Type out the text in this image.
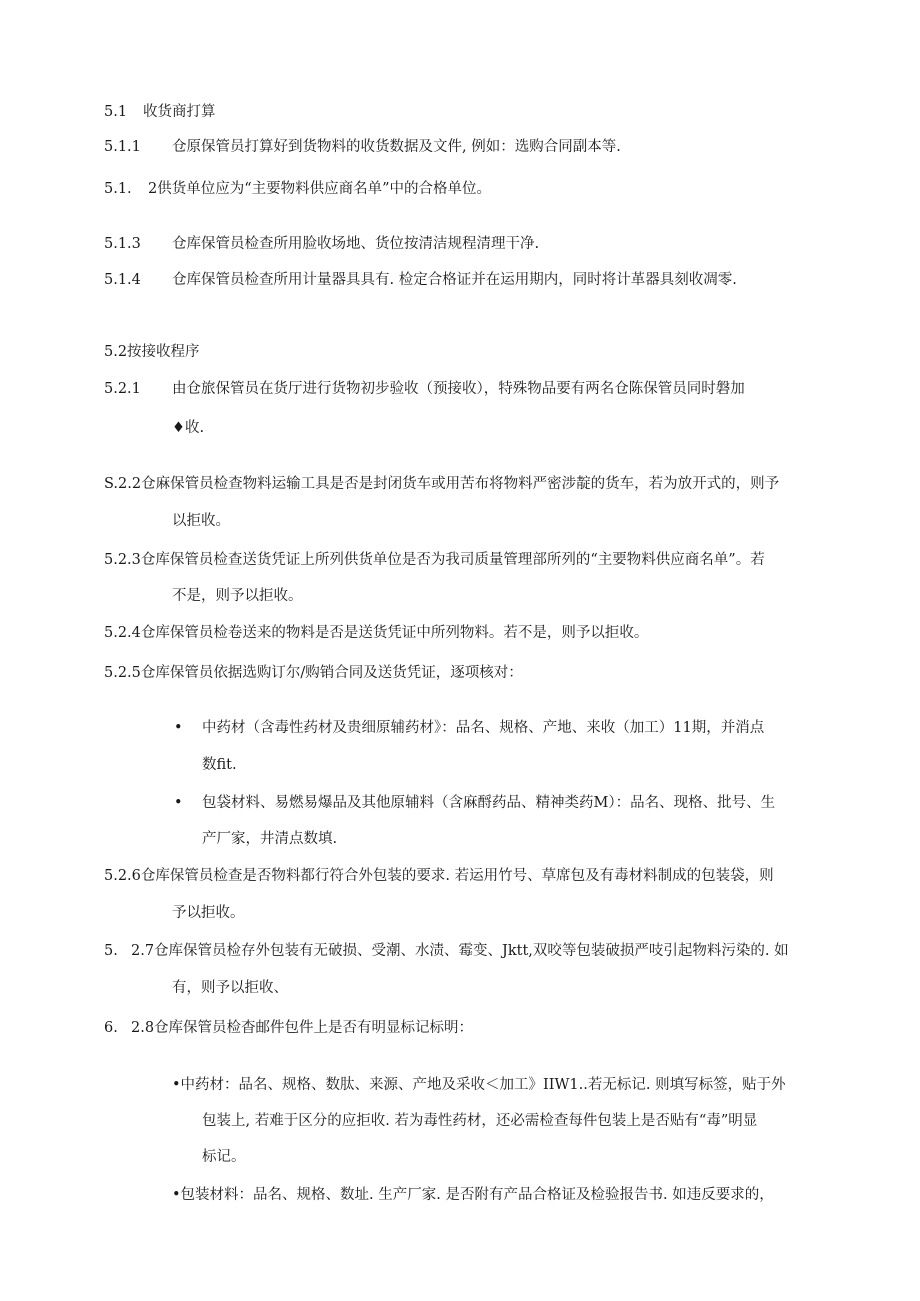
5.1 收货商打算
5.1.1 仓原保管员打算好到货物料的收货数据及文件, 例如：选购合同副本等.
5.1. 2供货单位应为“主要物料供应商名单”中的合格单位。
5.1.3 仓库保管员检查所用脸收场地、货位按清洁规程清理干净.
5.1.4 仓库保管员检查所用计量器具具有. 检定合格证并在运用期内，同时将计革器具刻收凋零.
5.2按接收程序
5.2.1 由仓旅保管员在货厅进行货物初步验收（预接收），特殊物品要有两名仓陈保管员同时磐加
♦收.
S.2.2仓麻保管员检查物料运输工具是否是封闭货车或用苦布将物料严密涉靛的货车，若为放开式的，则予
以拒收。
5.2.3仓库保管员检查送货凭证上所列供货单位是否为我司质量管理部所列的“主要物料供应商名单”。若
不是，则予以拒收。
5.2.4仓库保管员检卷送来的物料是否是送货凭证中所列物料。若不是，则予以拒收。
5.2.5仓库保管员依据选购订尔/购销合同及送货凭证，逐项核对：
• 中药材（含毒性药材及贵细原辅药材》：品名、规格、产地、来收（加工）11期，并消点
数fit.
• 包袋材料、易燃易爆品及其他原辅料（含麻酹药品、精神类药M）：品名、现格、批号、生
产厂家，井清点数填.
5.2.6仓库保管员检查是否物料都行符合外包装的要求. 若运用竹号、草席包及有毒材料制成的包装袋，则
予以拒收。
5. 2.7仓库保管员检存外包装有无破损、受潮、水渍、霉变、Jktt,双咬等包装破损严吱引起物料污染的. 如
有，则予以拒收、
6. 2.8仓库保管员检杳邮件包件上是否有明显标记标明：
•中药材：品名、规格、数肽、来源、产地及采收＜加工》IIW1..若无标记. 则填写标签，贴于外
包装上, 若难于区分的应拒收. 若为毒性药材，还必需检查每件包装上是否贴有“毒”明显
标记。
•包装材料：品名、规格、数址. 生产厂家. 是否附有产品合格证及检验报告书. 如违反要求的，
